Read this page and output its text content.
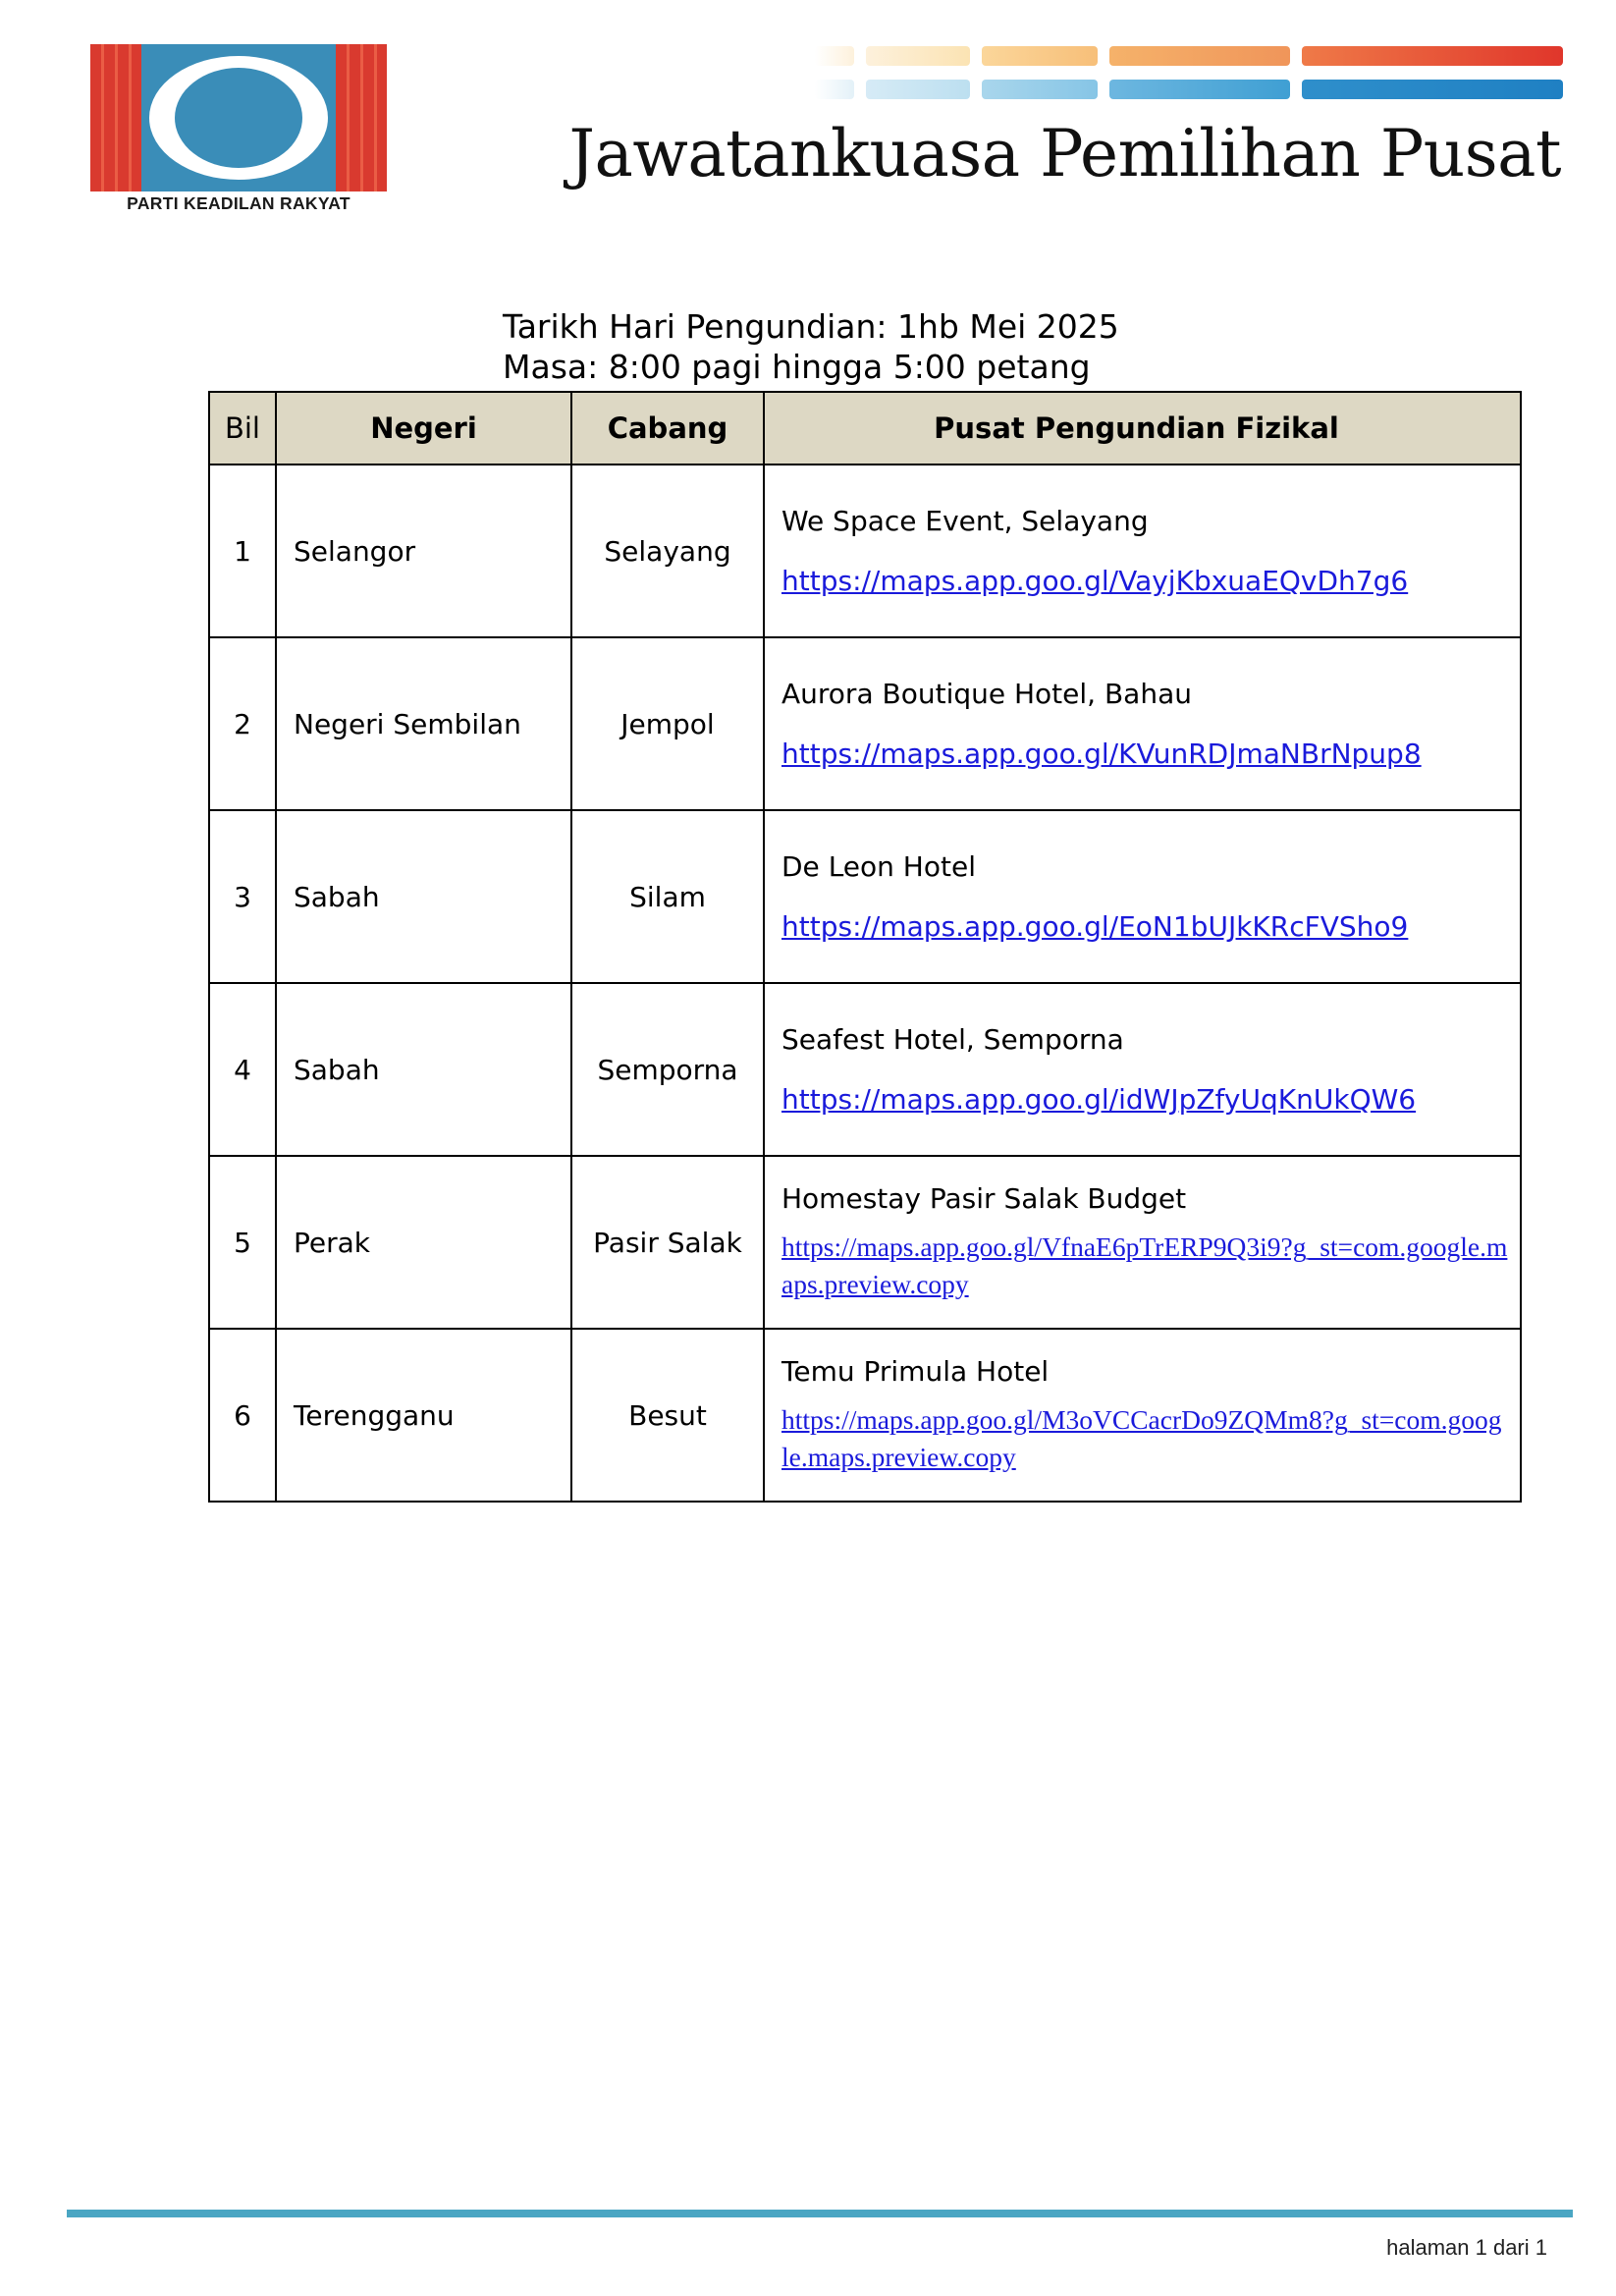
PARTI KEADILAN RAKYAT
Jawatankuasa Pemilihan Pusat
Tarikh Hari Pengundian: 1hb Mei 2025
Masa: 8:00 pagi hingga 5:00 petang
Bil	Negeri	Cabang	Pusat Pengundian Fizikal
1	Selangor	Selayang	We Space Event, Selayang
https://maps.app.goo.gl/VayjKbxuaEQvDh7g6

2	Negeri Sembilan	Jempol	Aurora Boutique Hotel, Bahau
https://maps.app.goo.gl/KVunRDJmaNBrNpup8

3	Sabah	Silam	De Leon Hotel
https://maps.app.goo.gl/EoN1bUJkKRcFVSho9

4	Sabah	Semporna	Seafest Hotel, Semporna
https://maps.app.goo.gl/idWJpZfyUqKnUkQW6

5	Perak	Pasir Salak	Homestay Pasir Salak Budget
https://maps.app.goo.gl/VfnaE6pTrERP9Q3i9?g_st=com.google.maps.preview.copy

6	Terengganu	Besut	Temu Primula Hotel
https://maps.app.goo.gl/M3oVCCacrDo9ZQMm8?g_st=com.google.maps.preview.copy
halaman 1 dari 1
